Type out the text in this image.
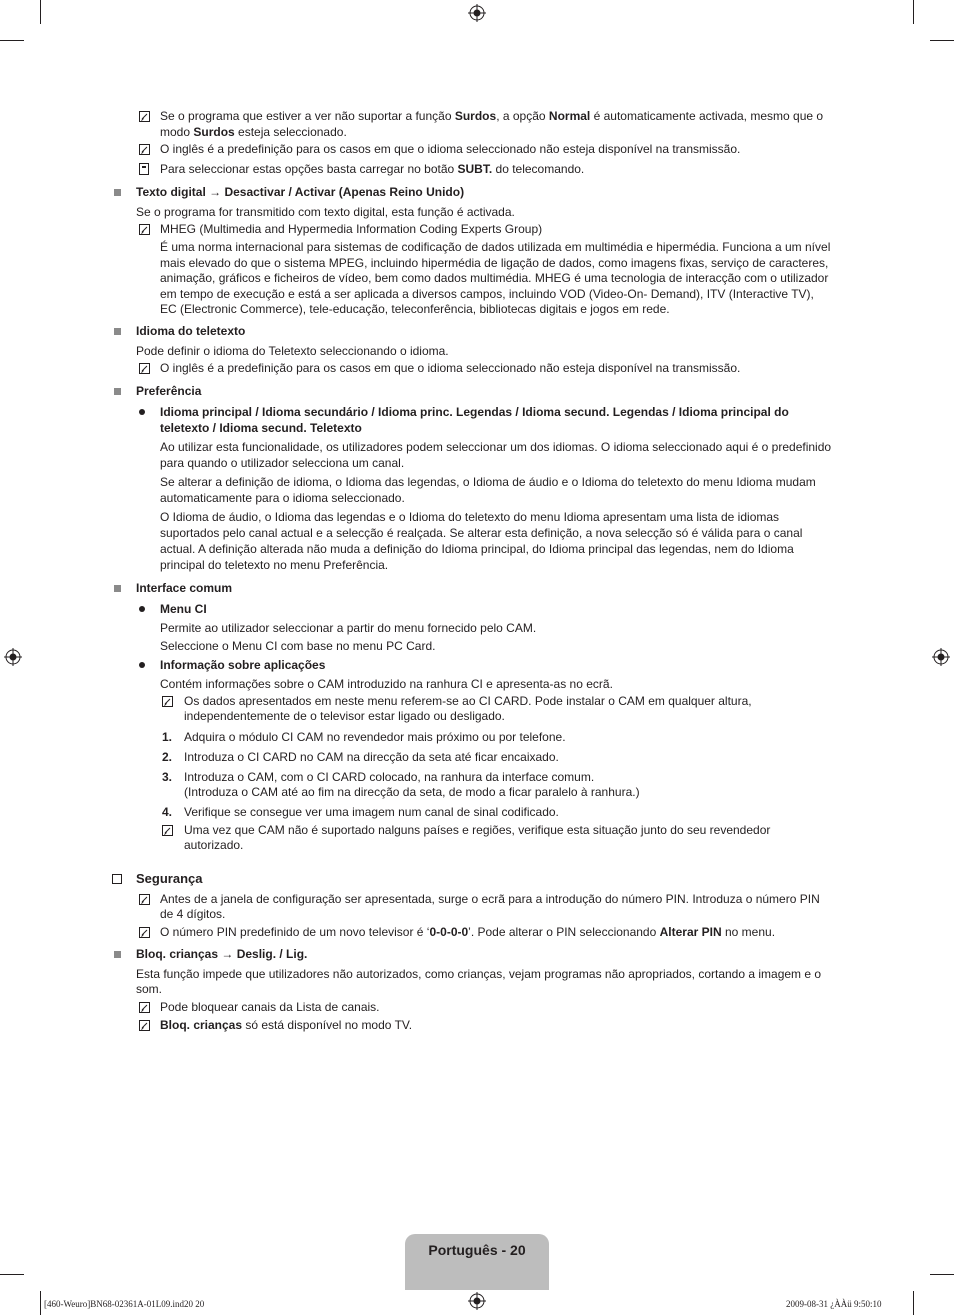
Se o programa que estiver a ver não suportar a função Surdos, a opção Normal é automaticamente activada, mesmo que o
modo Surdos esteja seleccionado.
O inglês é a predefinição para os casos em que o idioma seleccionado não esteja disponível na transmissão.
Para seleccionar estas opções basta carregar no botão SUBT. do telecomando.
Texto digital → Desactivar / Activar (Apenas Reino Unido)
Se o programa for transmitido com texto digital, esta função é activada.
MHEG (Multimedia and Hypermedia Information Coding Experts Group)
É uma norma internacional para sistemas de codificação de dados utilizada em multimédia e hipermédia. Funciona a um nível
mais elevado do que o sistema MPEG, incluindo hipermédia de ligação de dados, como imagens fixas, serviço de caracteres,
animação, gráficos e ficheiros de vídeo, bem como dados multimédia. MHEG é uma tecnologia de interacção com o utilizador
em tempo de execução e está a ser aplicada a diversos campos, incluindo VOD (Video-On- Demand), ITV (Interactive TV),
EC (Electronic Commerce), tele-educação, teleconferência, bibliotecas digitais e jogos em rede.
Idioma do teletexto
Pode definir o idioma do Teletexto seleccionando o idioma.
O inglês é a predefinição para os casos em que o idioma seleccionado não esteja disponível na transmissão.
Preferência
Idioma principal / Idioma secundário / Idioma princ. Legendas / Idioma secund. Legendas / Idioma principal do
teletexto / Idioma secund. Teletexto
Ao utilizar esta funcionalidade, os utilizadores podem seleccionar um dos idiomas. O idioma seleccionado aqui é o predefinido
para quando o utilizador selecciona um canal.
Se alterar a definição de idioma, o Idioma das legendas, o Idioma de áudio e o Idioma do teletexto do menu Idioma mudam
automaticamente para o idioma seleccionado.
O Idioma de áudio, o Idioma das legendas e o Idioma do teletexto do menu Idioma apresentam uma lista de idiomas
suportados pelo canal actual e a selecção é realçada. Se alterar esta definição, a nova selecção só é válida para o canal
actual. A definição alterada não muda a definição do Idioma principal, do Idioma principal das legendas, nem do Idioma
principal do teletexto no menu Preferência.
Interface comum
Menu CI
Permite ao utilizador seleccionar a partir do menu fornecido pelo CAM.
Seleccione o Menu CI com base no menu PC Card.
Informação sobre aplicações
Contém informações sobre o CAM introduzido na ranhura CI e apresenta-as no ecrã.
Os dados apresentados em neste menu referem-se ao CI CARD. Pode instalar o CAM em qualquer altura,
independentemente de o televisor estar ligado ou desligado.
1. Adquira o módulo CI CAM no revendedor mais próximo ou por telefone.
2. Introduza o CI CARD no CAM na direcção da seta até ficar encaixado.
3. Introduza o CAM, com o CI CARD colocado, na ranhura da interface comum.
(Introduza o CAM até ao fim na direcção da seta, de modo a ficar paralelo à ranhura.)
4. Verifique se consegue ver uma imagem num canal de sinal codificado.
Uma vez que CAM não é suportado nalguns países e regiões, verifique esta situação junto do seu revendedor
autorizado.
Segurança
Antes de a janela de configuração ser apresentada, surge o ecrã para a introdução do número PIN. Introduza o número PIN
de 4 dígitos.
O número PIN predefinido de um novo televisor é ‘0-0-0-0’. Pode alterar o PIN seleccionando Alterar PIN no menu.
Bloq. crianças → Deslig. / Lig.
Esta função impede que utilizadores não autorizados, como crianças, vejam programas não apropriados, cortando a imagem e o
som.
Pode bloquear canais da Lista de canais.
Bloq. crianças só está disponível no modo TV.
Português - 20
[460-Weuro]BN68-02361A-01L09.ind20 20	2009-08-31 ¿ÀÀü 9:50:10
